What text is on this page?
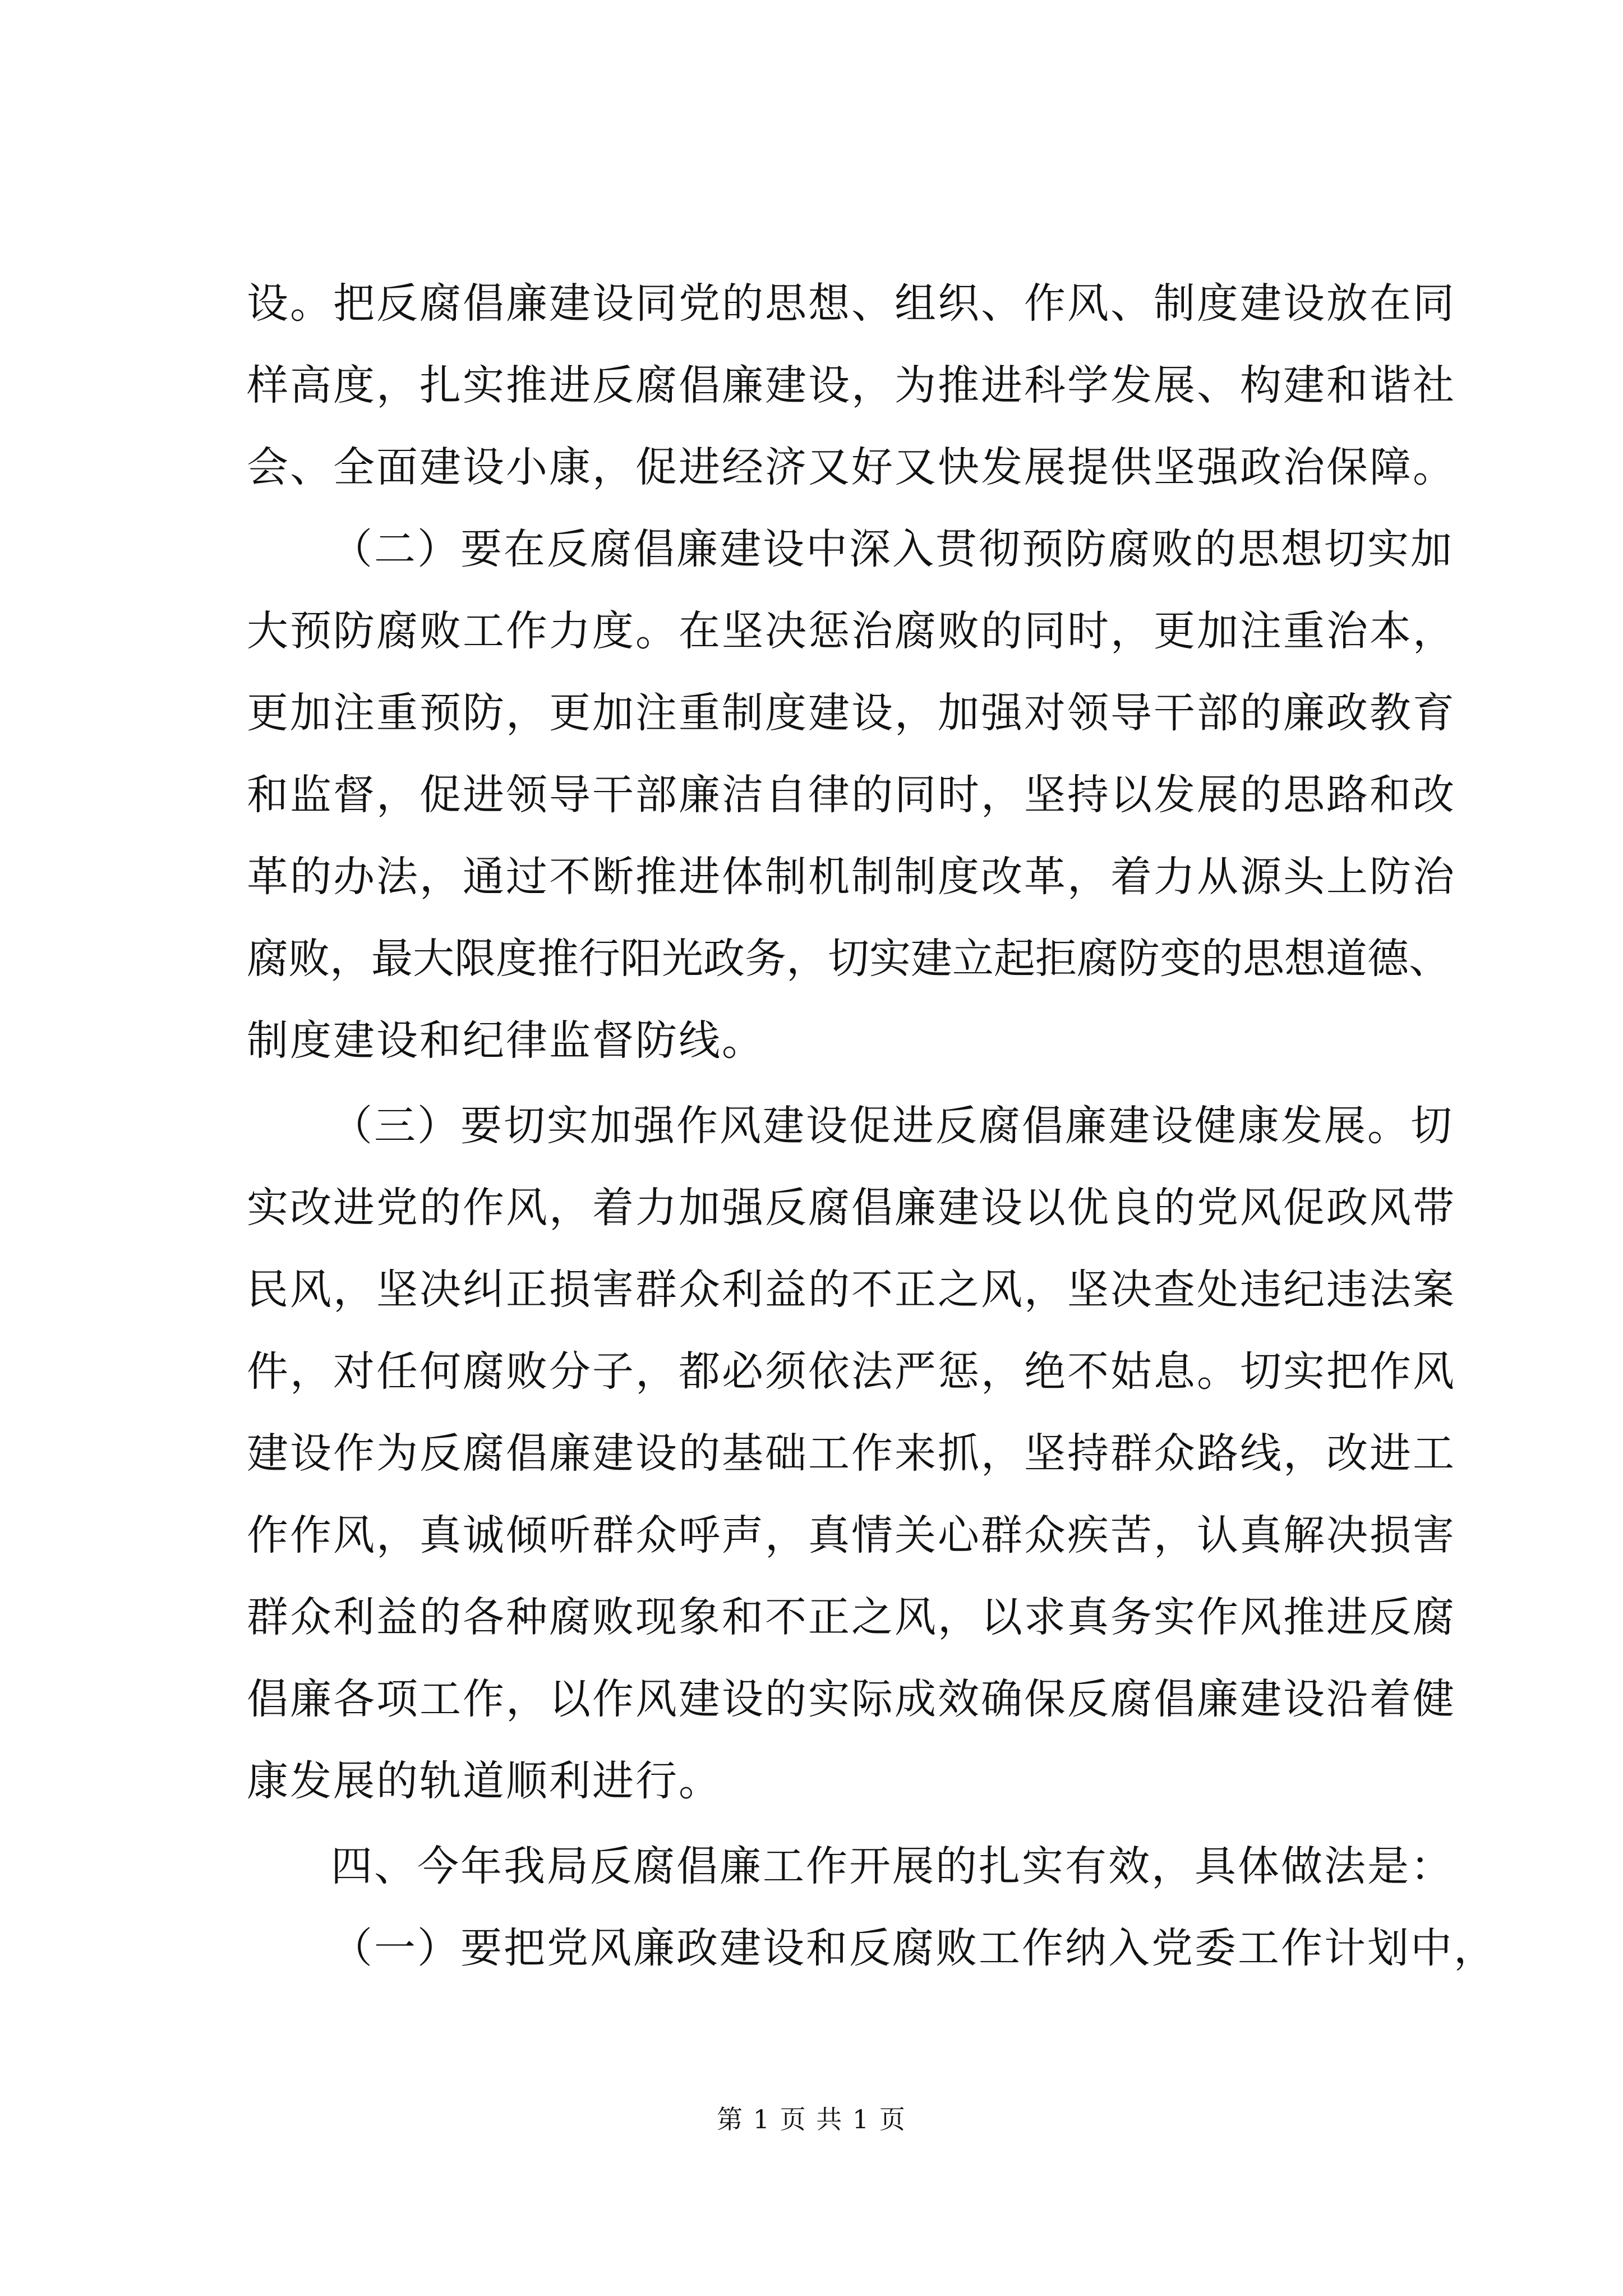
设。把反腐倡廉建设同党的思想、组织、作风、制度建设放在同
样高度，扎实推进反腐倡廉建设，为推进科学发展、构建和谐社
会、全面建设小康，促进经济又好又快发展提供坚强政治保障。
（二）要在反腐倡廉建设中深入贯彻预防腐败的思想切实加
大预防腐败工作力度。在坚决惩治腐败的同时，更加注重治本，
更加注重预防，更加注重制度建设，加强对领导干部的廉政教育
和监督，促进领导干部廉洁自律的同时，坚持以发展的思路和改
革的办法，通过不断推进体制机制制度改革，着力从源头上防治
腐败，最大限度推行阳光政务，切实建立起拒腐防变的思想道德、
制度建设和纪律监督防线。
（三）要切实加强作风建设促进反腐倡廉建设健康发展。切
实改进党的作风，着力加强反腐倡廉建设以优良的党风促政风带
民风，坚决纠正损害群众利益的不正之风，坚决查处违纪违法案
件，对任何腐败分子，都必须依法严惩，绝不姑息。切实把作风
建设作为反腐倡廉建设的基础工作来抓，坚持群众路线，改进工
作作风，真诚倾听群众呼声，真情关心群众疾苦，认真解决损害
群众利益的各种腐败现象和不正之风，以求真务实作风推进反腐
倡廉各项工作，以作风建设的实际成效确保反腐倡廉建设沿着健
康发展的轨道顺利进行。
四、今年我局反腐倡廉工作开展的扎实有效，具体做法是：
（一）要把党风廉政建设和反腐败工作纳入党委工作计划中，
第 1 页 共 1 页
